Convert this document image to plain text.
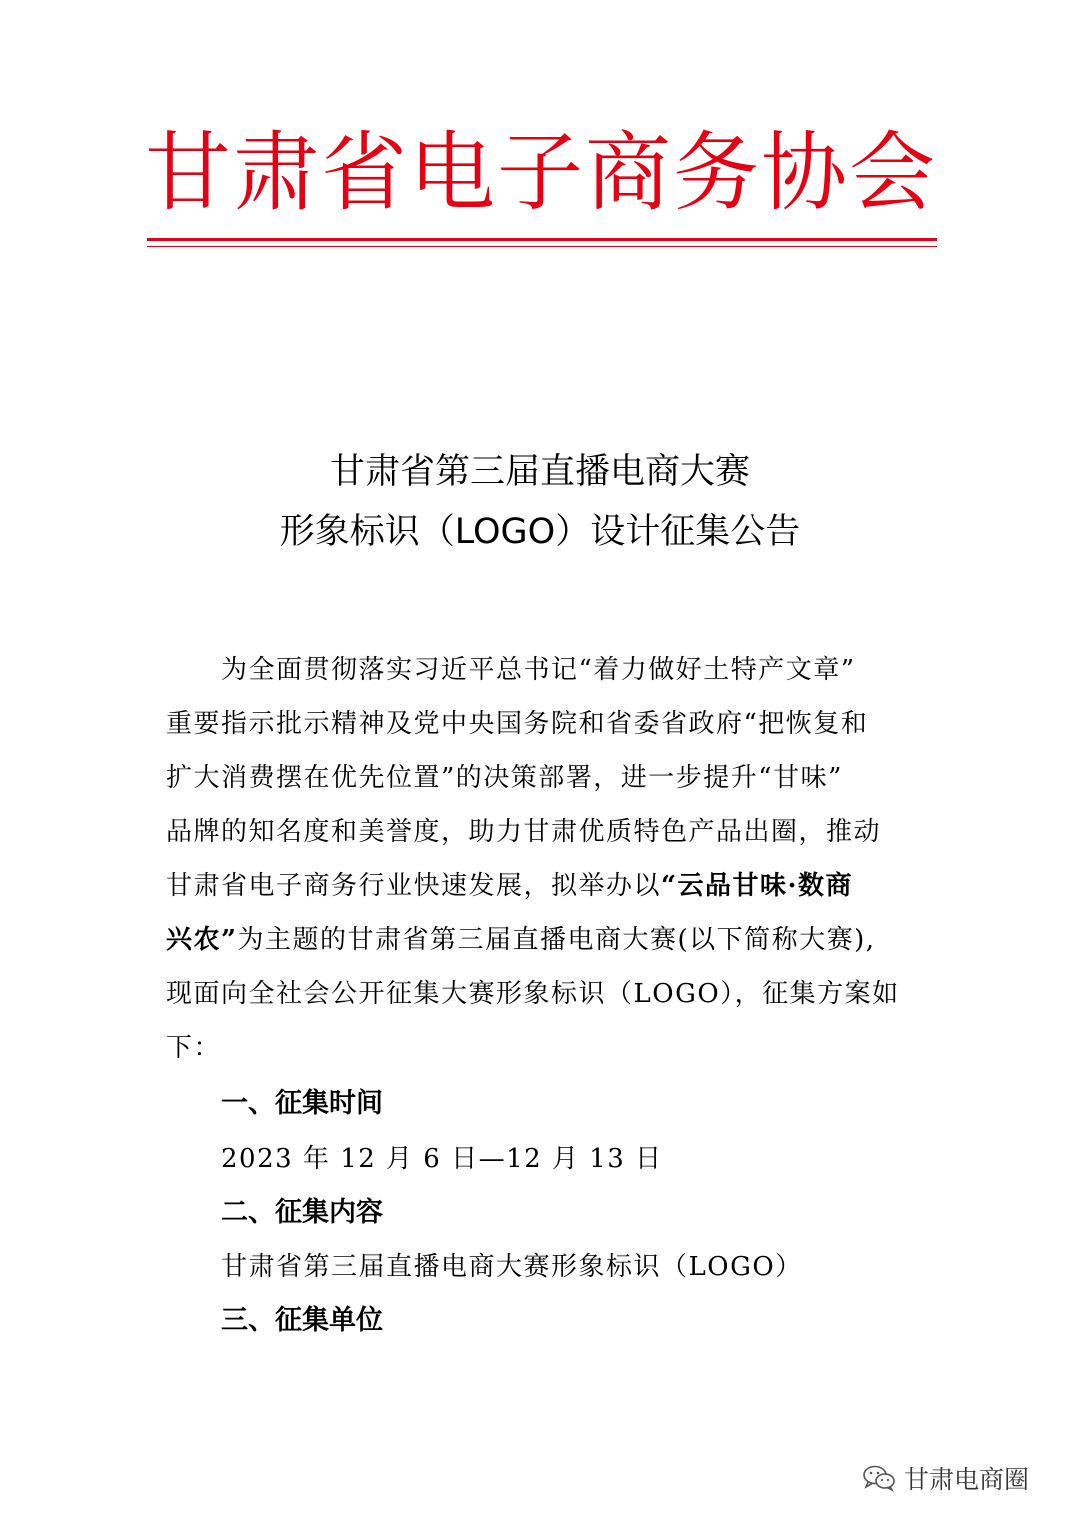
甘肃省电子商务协会
甘肃省第三届直播电商大赛
形象标识（LOGO）设计征集公告
为全面贯彻落实习近平总书记“着力做好土特产文章”
重要指示批示精神及党中央国务院和省委省政府“把恢复和
扩大消费摆在优先位置”的决策部署，进一步提升“甘味”
品牌的知名度和美誉度，助力甘肃优质特色产品出圈，推动
甘肃省电子商务行业快速发展，拟举办以“云品甘味·数商
兴农”为主题的甘肃省第三届直播电商大赛(以下简称大赛),
现面向全社会公开征集大赛形象标识（LOGO），征集方案如
下：
一、征集时间
2023 年 12 月 6 日—12 月 13 日
二、征集内容
甘肃省第三届直播电商大赛形象标识（LOGO）
三、征集单位
甘肃电商圈
